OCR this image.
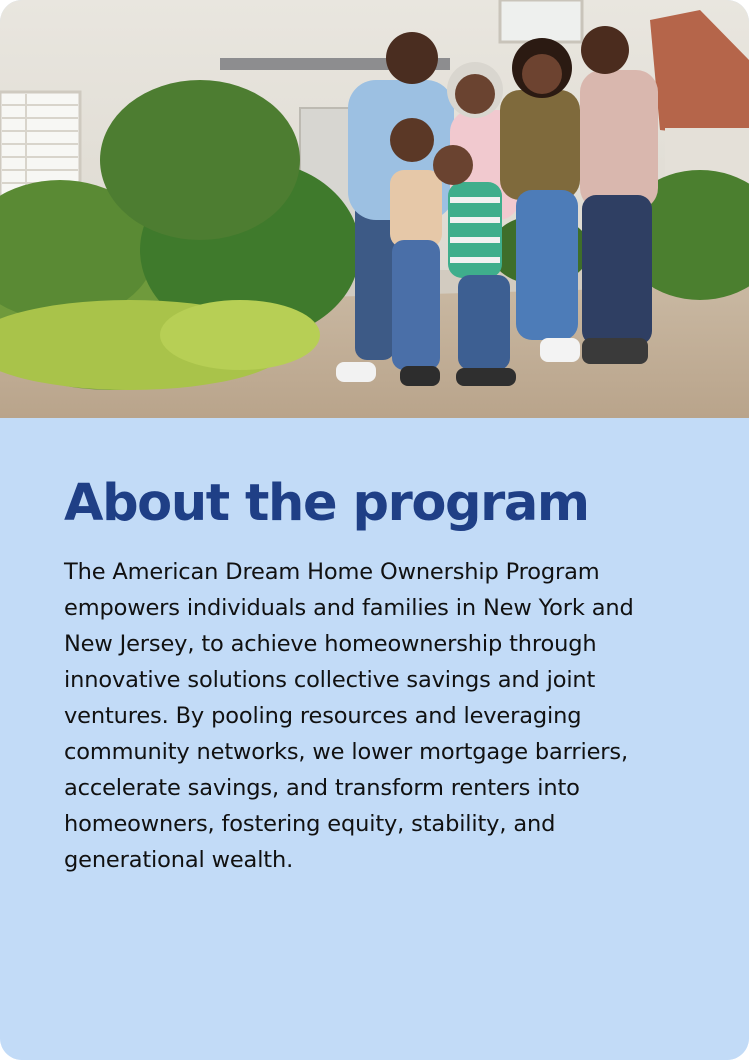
About the program

The American Dream Home Ownership Program empowers individuals and families in New York and New Jersey, to achieve homeownership through innovative solutions collective savings and joint ventures. By pooling resources and leveraging community networks, we lower mortgage barriers, accelerate savings, and transform renters into homeowners, fostering equity, stability, and generational wealth.
